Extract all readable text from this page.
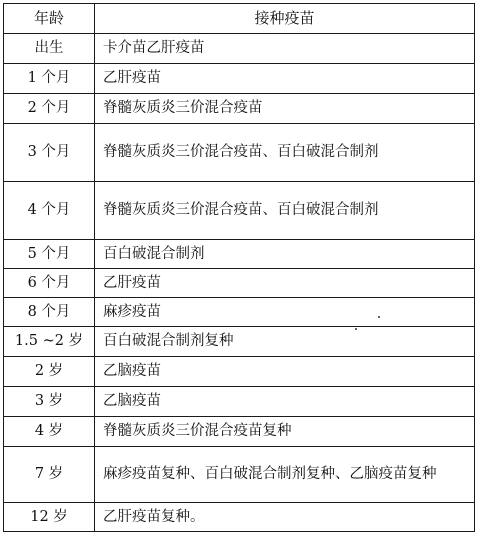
年龄	接种疫苗
出生	卡介苗乙肝疫苗
1 个月	乙肝疫苗
2 个月	脊髓灰质炎三价混合疫苗
3 个月	脊髓灰质炎三价混合疫苗、百白破混合制剂
4 个月	脊髓灰质炎三价混合疫苗、百白破混合制剂
5 个月	百白破混合制剂
6 个月	乙肝疫苗
8 个月	麻疹疫苗
1.5 ~2 岁	百白破混合制剂复种
2 岁	乙脑疫苗
3 岁	乙脑疫苗
4 岁	脊髓灰质炎三价混合疫苗复种
7 岁	麻疹疫苗复种、百白破混合制剂复种、乙脑疫苗复种
12 岁	乙肝疫苗复种。
